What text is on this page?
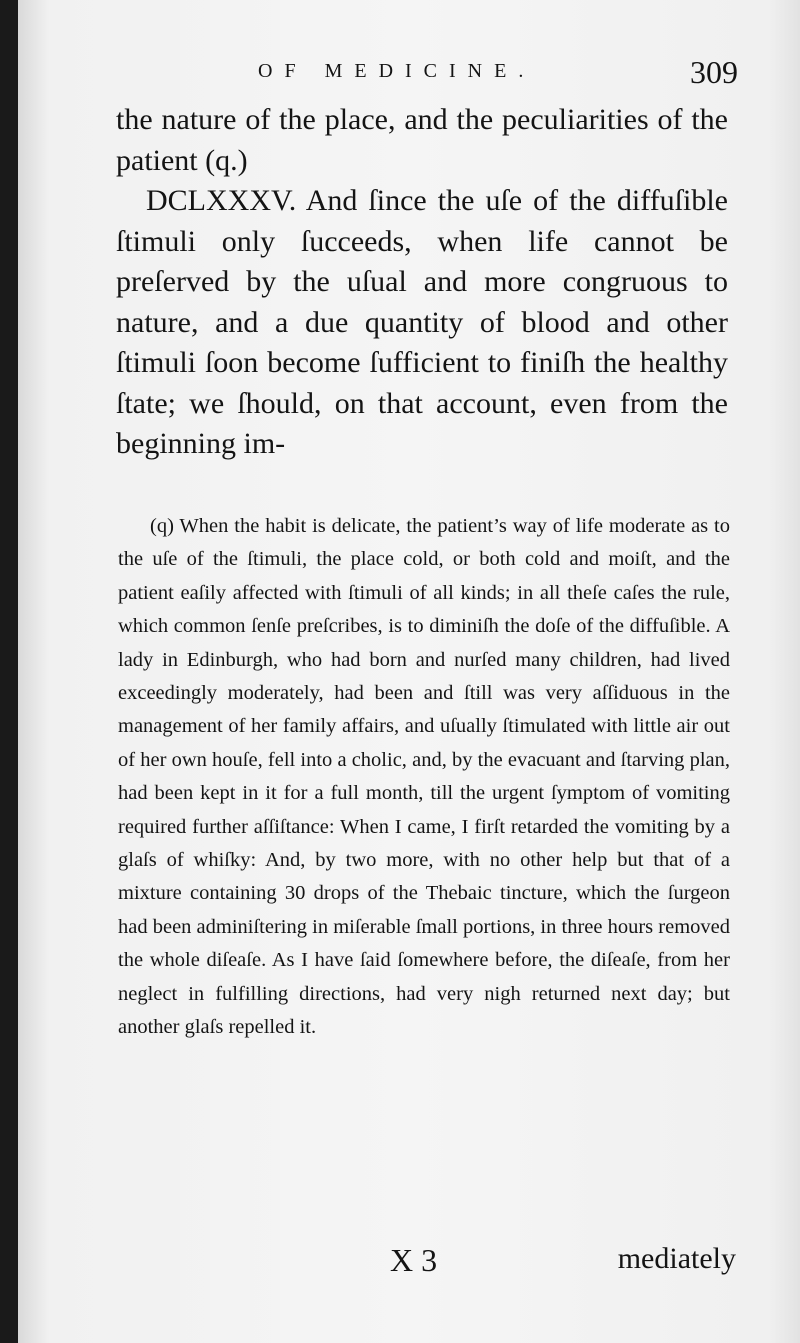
OF MEDICINE.	309

the nature of the place, and the peculiarities of the patient (q.)

DCLXXXV. And ſince the uſe of the diffuſible ſtimuli only ſucceeds, when life cannot be preſerved by the uſual and more congruous to nature, and a due quantity of blood and other ſtimuli ſoon become ſufficient to finiſh the healthy ſtate; we ſhould, on that account, even from the beginning im-

(q) When the habit is delicate, the patient’s way of life moderate as to the uſe of the ſtimuli, the place cold, or both cold and moiſt, and the patient eaſily affected with ſtimuli of all kinds; in all theſe caſes the rule, which common ſenſe preſcribes, is to diminiſh the doſe of the diffuſible. A lady in Edinburgh, who had born and nurſed many children, had lived exceedingly moderately, had been and ſtill was very aſſiduous in the management of her family affairs, and uſually ſtimulated with little air out of her own houſe, fell into a cholic, and, by the evacuant and ſtarving plan, had been kept in it for a full month, till the urgent ſymptom of vomiting required further aſſiſtance: When I came, I firſt retarded the vomiting by a glaſs of whiſky: And, by two more, with no other help but that of a mixture containing 30 drops of the Thebaic tincture, which the ſurgeon had been adminiſtering in miſerable ſmall portions, in three hours removed the whole diſeaſe. As I have ſaid ſomewhere before, the diſeaſe, from her neglect in fulfilling directions, had very nigh returned next day; but another glaſs repelled it.

X 3	mediately
